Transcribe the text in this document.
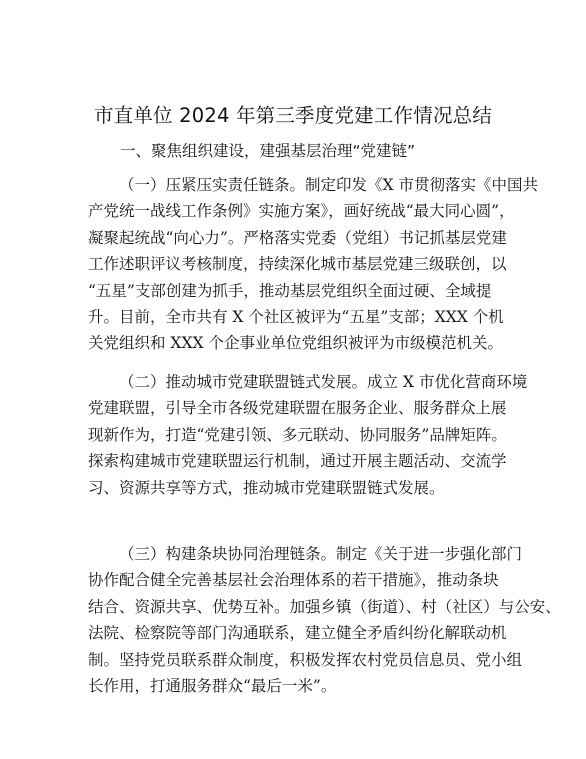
市直单位 2024 年第三季度党建工作情况总结
一、聚焦组织建设，建强基层治理“党建链”
（一）压紧压实责任链条。制定印发《X 市贯彻落实《中国共
产党统一战线工作条例》实施方案》，画好统战“最大同心圆”，
凝聚起统战“向心力”。严格落实党委（党组）书记抓基层党建
工作述职评议考核制度，持续深化城市基层党建三级联创，以
“五星”支部创建为抓手，推动基层党组织全面过硬、全域提
升。目前，全市共有 X 个社区被评为“五星”支部；XXX 个机
关党组织和 XXX 个企事业单位党组织被评为市级模范机关。
（二）推动城市党建联盟链式发展。成立 X 市优化营商环境
党建联盟，引导全市各级党建联盟在服务企业、服务群众上展
现新作为，打造“党建引领、多元联动、协同服务”品牌矩阵。
探索构建城市党建联盟运行机制，通过开展主题活动、交流学
习、资源共享等方式，推动城市党建联盟链式发展。
（三）构建条块协同治理链条。制定《关于进一步强化部门
协作配合健全完善基层社会治理体系的若干措施》，推动条块
结合、资源共享、优势互补。加强乡镇（街道）、村（社区）与公安、
法院、检察院等部门沟通联系，建立健全矛盾纠纷化解联动机
制。坚持党员联系群众制度，积极发挥农村党员信息员、党小组
长作用，打通服务群众“最后一米”。
